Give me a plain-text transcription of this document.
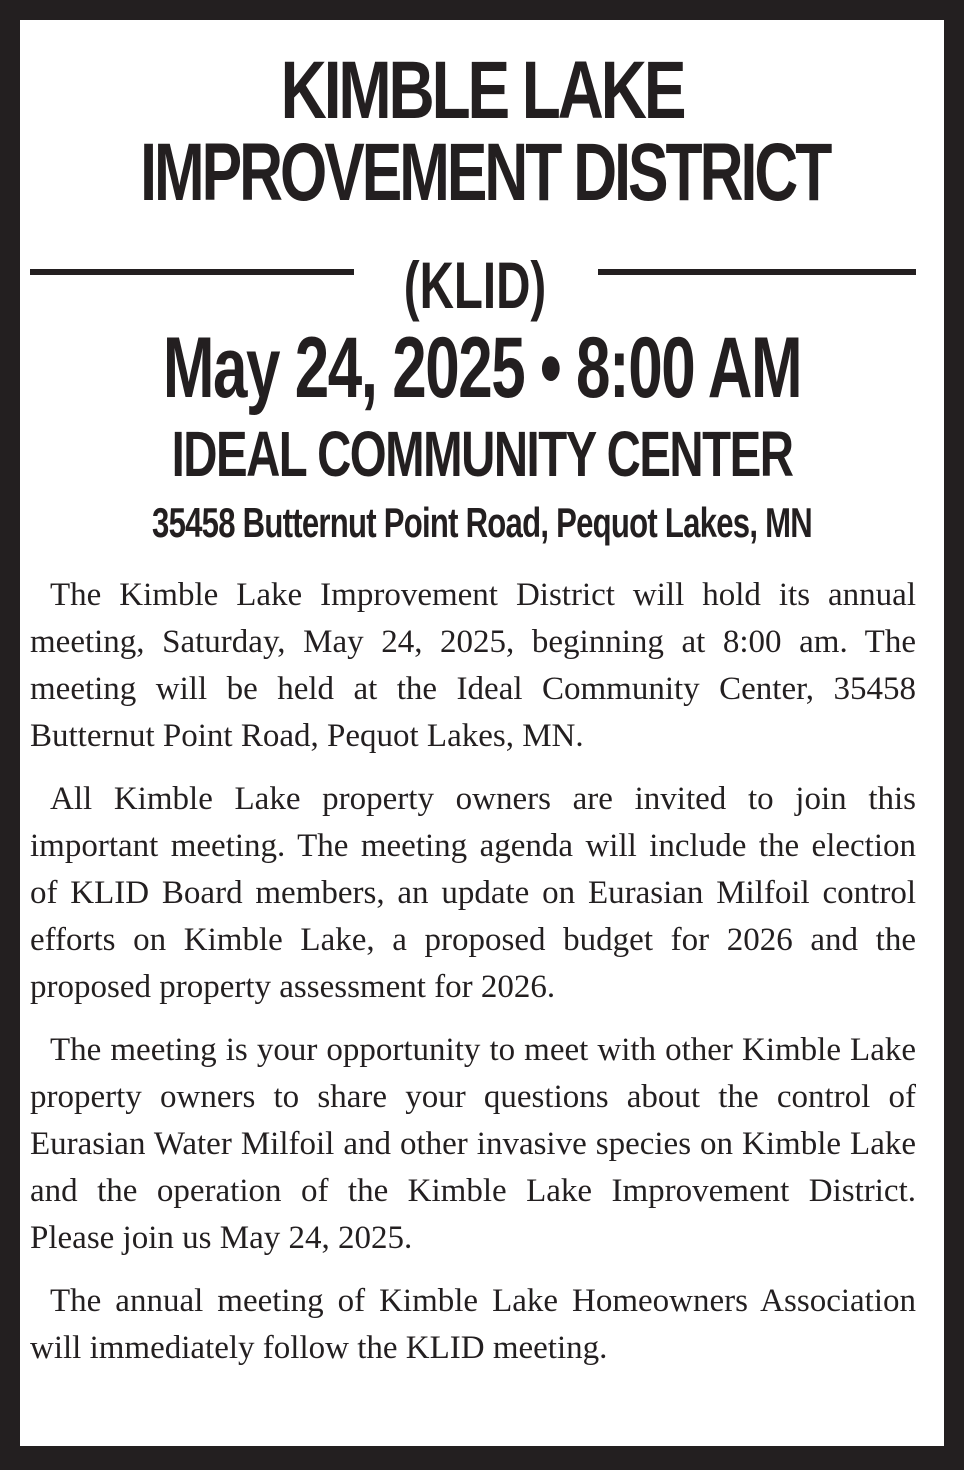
KIMBLE LAKE
IMPROVEMENT DISTRICT
(KLID)
May 24, 2025 • 8:00 AM
IDEAL COMMUNITY CENTER
35458 Butternut Point Road, Pequot Lakes, MN

The Kimble Lake Improvement District will hold its annual meeting, Saturday, May 24, 2025, beginning at 8:00 am. The meeting will be held at the Ideal Community Center, 35458 Butternut Point Road, Pequot Lakes, MN.

All Kimble Lake property owners are invited to join this important meeting. The meeting agenda will include the election of KLID Board members, an update on Eurasian Milfoil control efforts on Kimble Lake, a proposed budget for 2026 and the proposed property assessment for 2026.

The meeting is your opportunity to meet with other Kimble Lake property owners to share your questions about the control of Eurasian Water Milfoil and other invasive species on Kimble Lake and the operation of the Kimble Lake Improvement District. Please join us May 24, 2025.

The annual meeting of Kimble Lake Homeowners Association will immediately follow the KLID meeting.
